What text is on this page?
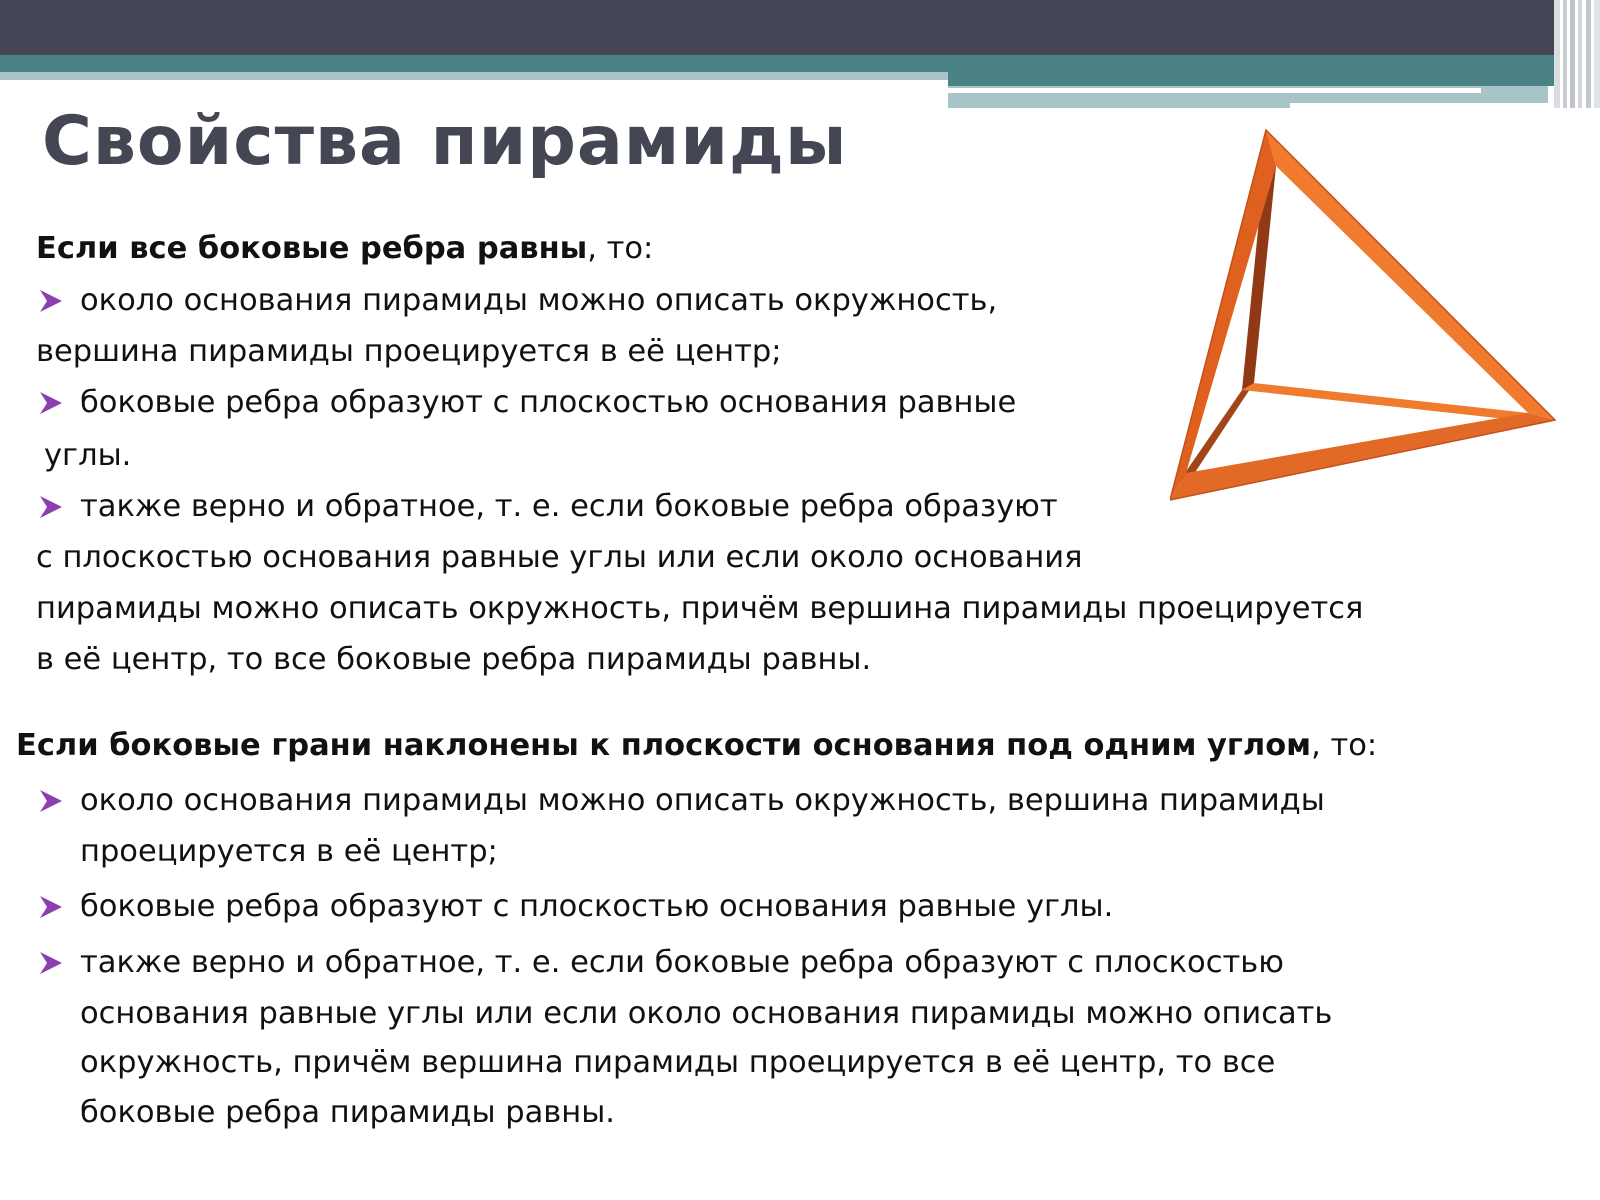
Свойства пирамиды
Если все боковые ребра равны, то:
около основания пирамиды можно описать окружность,
вершина пирамиды проецируется в её центр;
боковые ребра образуют с плоскостью основания равные
углы.
также верно и обратное, т. е. если боковые ребра образуют
с плоскостью основания равные углы или если около основания
пирамиды можно описать окружность, причём вершина пирамиды проецируется
в её центр, то все боковые ребра пирамиды равны.
Если боковые грани наклонены к плоскости основания под одним углом, то:
около основания пирамиды можно описать окружность, вершина пирамиды
проецируется в её центр;
боковые ребра образуют с плоскостью основания равные углы.
также верно и обратное, т. е. если боковые ребра образуют с плоскостью
основания равные углы или если около основания пирамиды можно описать
окружность, причём вершина пирамиды проецируется в её центр, то все
боковые ребра пирамиды равны.
